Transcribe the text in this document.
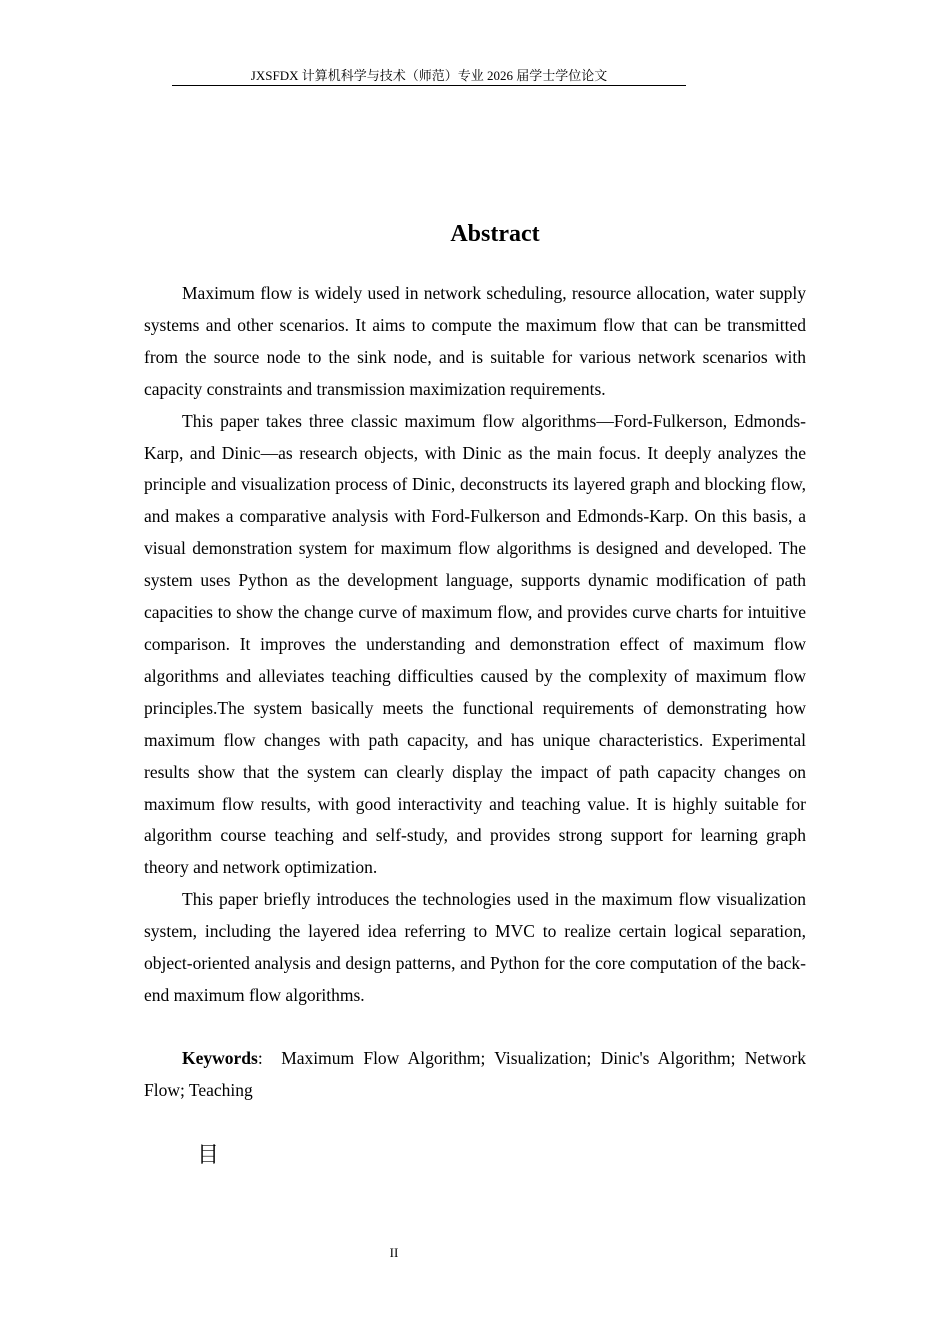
JXSFDX 计算机科学与技术（师范）专业 2026 届学士学位论文
Abstract

Maximum flow is widely used in network scheduling, resource allocation, water supply systems and other scenarios. It aims to compute the maximum flow that can be transmitted from the source node to the sink node, and is suitable for various network scenarios with capacity constraints and transmission maximization requirements.

This paper takes three classic maximum flow algorithms—Ford-Fulkerson, Edmonds-Karp, and Dinic—as research objects, with Dinic as the main focus. It deeply analyzes the principle and visualization process of Dinic, deconstructs its layered graph and blocking flow, and makes a comparative analysis with Ford-Fulkerson and Edmonds-Karp. On this basis, a visual demonstration system for maximum flow algorithms is designed and developed. The system uses Python as the development language, supports dynamic modification of path capacities to show the change curve of maximum flow, and provides curve charts for intuitive comparison. It improves the understanding and demonstration effect of maximum flow algorithms and alleviates teaching difficulties caused by the complexity of maximum flow principles.The system basically meets the functional requirements of demonstrating how maximum flow changes with path capacity, and has unique characteristics. Experimental results show that the system can clearly display the impact of path capacity changes on maximum flow results, with good interactivity and teaching value. It is highly suitable for algorithm course teaching and self-study, and provides strong support for learning graph theory and network optimization.

This paper briefly introduces the technologies used in the maximum flow visualization system, including the layered idea referring to MVC to realize certain logical separation, object-oriented analysis and design patterns, and Python for the core computation of the back-end maximum flow algorithms.

Keywords: Maximum Flow Algorithm; Visualization; Dinic's Algorithm; Network Flow; Teaching

目
II
